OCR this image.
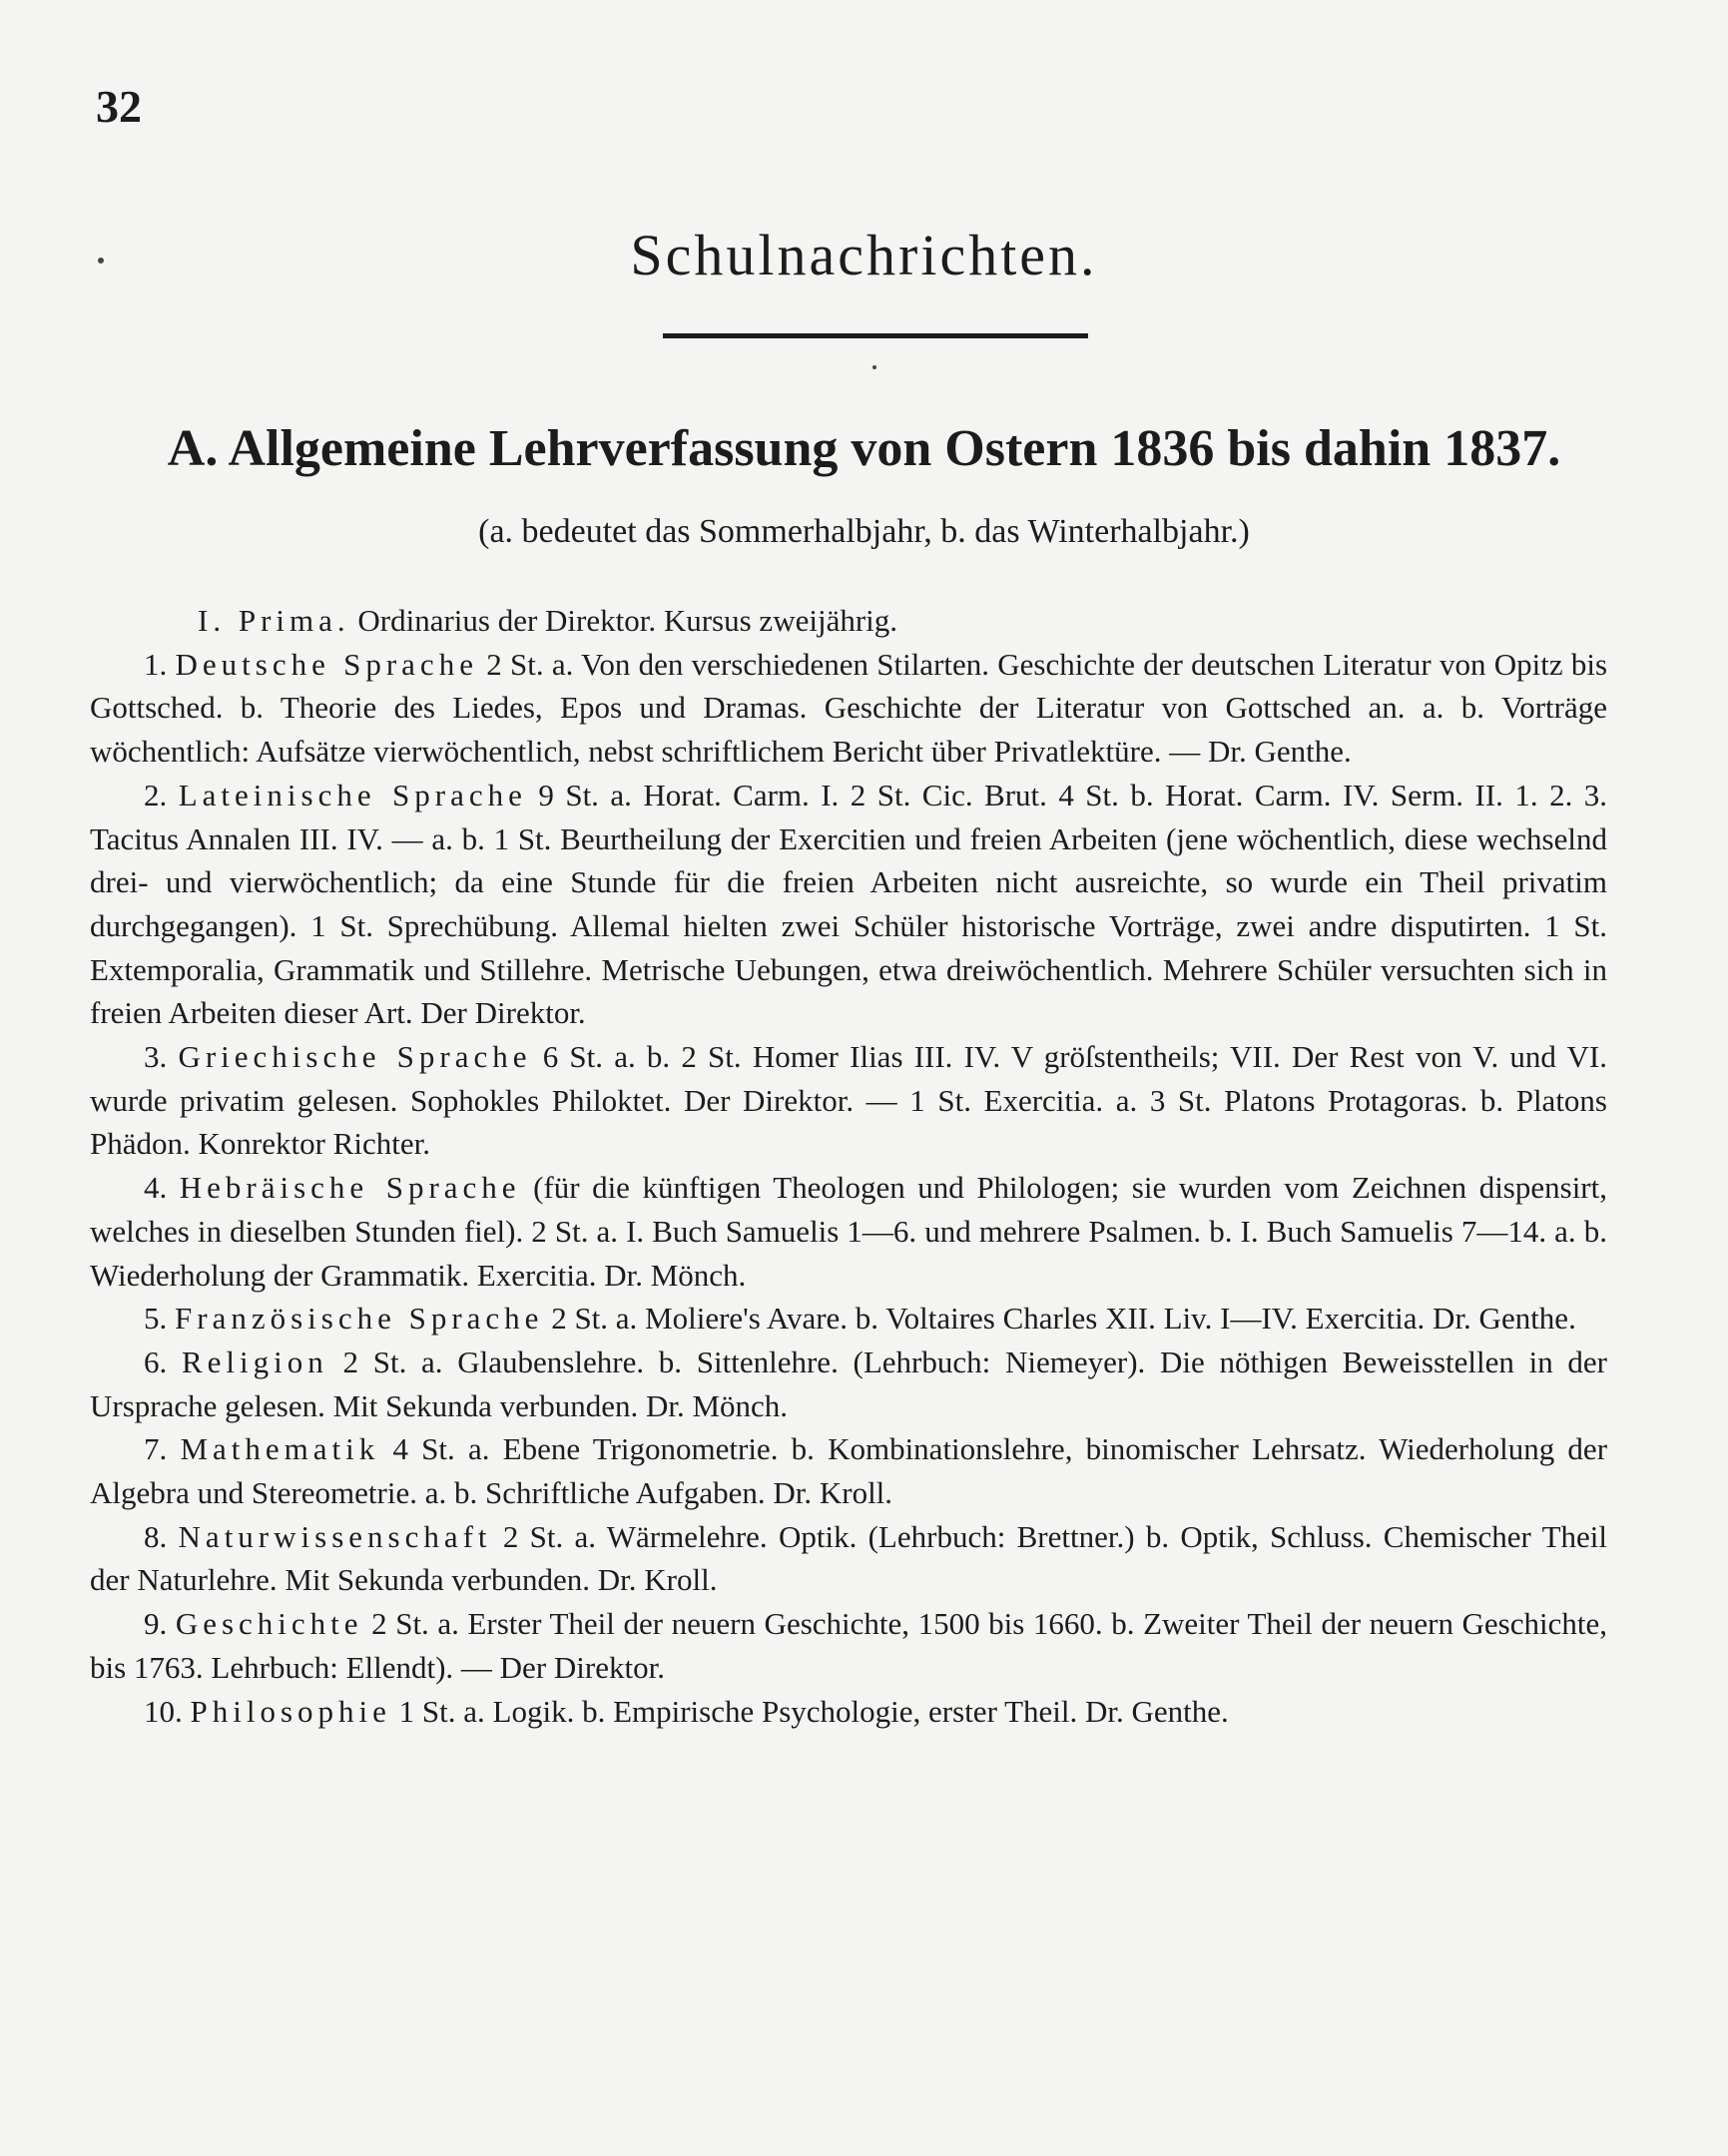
32
Schulnachrichten.
A. Allgemeine Lehrverfassung von Ostern 1836 bis dahin 1837.
(a. bedeutet das Sommerhalbjahr, b. das Winterhalbjahr.)

I. Prima. Ordinarius der Direktor. Kursus zweijährig.

1. Deutsche Sprache 2 St. a. Von den verschiedenen Stilarten. Geschichte der deutschen Literatur von Opitz bis Gottsched. b. Theorie des Liedes, Epos und Dramas. Geschichte der Literatur von Gottsched an. a. b. Vorträge wöchentlich: Aufsätze vierwöchentlich, nebst schriftlichem Bericht über Privatlektüre. — Dr. Genthe.

2. Lateinische Sprache 9 St. a. Horat. Carm. I. 2 St. Cic. Brut. 4 St. b. Horat. Carm. IV. Serm. II. 1. 2. 3. Tacitus Annalen III. IV. — a. b. 1 St. Beurtheilung der Exercitien und freien Arbeiten (jene wöchentlich, diese wechselnd drei- und vierwöchentlich; da eine Stunde für die freien Arbeiten nicht ausreichte, so wurde ein Theil privatim durchgegangen). 1 St. Sprechübung. Allemal hielten zwei Schüler historische Vorträge, zwei andre disputirten. 1 St. Extemporalia, Grammatik und Stillehre. Metrische Uebungen, etwa dreiwöchentlich. Mehrere Schüler versuchten sich in freien Arbeiten dieser Art. Der Direktor.

3. Griechische Sprache 6 St. a. b. 2 St. Homer Ilias III. IV. V gröſstentheils; VII. Der Rest von V. und VI. wurde privatim gelesen. Sophokles Philoktet. Der Direktor. — 1 St. Exercitia. a. 3 St. Platons Protagoras. b. Platons Phädon. Konrektor Richter.

4. Hebräische Sprache (für die künftigen Theologen und Philologen; sie wurden vom Zeichnen dispensirt, welches in dieselben Stunden fiel). 2 St. a. I. Buch Samuelis 1—6. und mehrere Psalmen. b. I. Buch Samuelis 7—14. a. b. Wiederholung der Grammatik. Exercitia. Dr. Mönch.

5. Französische Sprache 2 St. a. Moliere's Avare. b. Voltaires Charles XII. Liv. I—IV. Exercitia. Dr. Genthe.

6. Religion 2 St. a. Glaubenslehre. b. Sittenlehre. (Lehrbuch: Niemeyer). Die nöthigen Beweisstellen in der Ursprache gelesen. Mit Sekunda verbunden. Dr. Mönch.

7. Mathematik 4 St. a. Ebene Trigonometrie. b. Kombinationslehre, binomischer Lehrsatz. Wiederholung der Algebra und Stereometrie. a. b. Schriftliche Aufgaben. Dr. Kroll.

8. Naturwissenschaft 2 St. a. Wärmelehre. Optik. (Lehrbuch: Brettner.) b. Optik, Schluss. Chemischer Theil der Naturlehre. Mit Sekunda verbunden. Dr. Kroll.

9. Geschichte 2 St. a. Erster Theil der neuern Geschichte, 1500 bis 1660. b. Zweiter Theil der neuern Geschichte, bis 1763. Lehrbuch: Ellendt). — Der Direktor.

10. Philosophie 1 St. a. Logik. b. Empirische Psychologie, erster Theil. Dr. Genthe.
